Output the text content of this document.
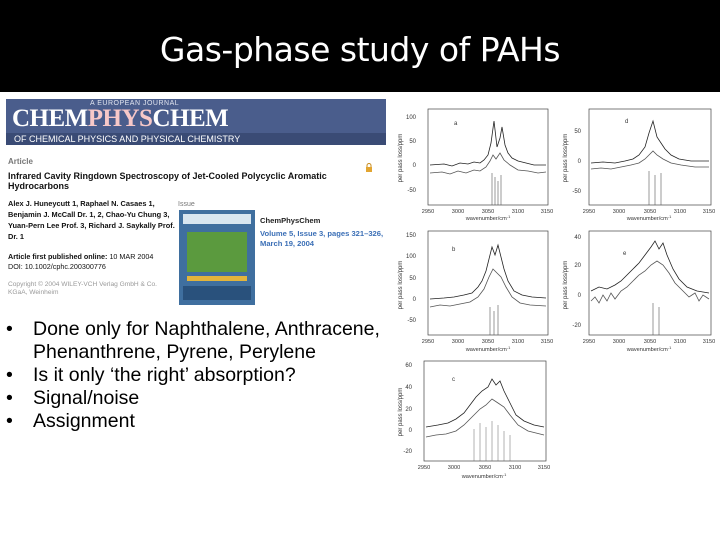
Gas-phase study of PAHs
A EUROPEAN JOURNAL
CHEMPHYSCHEM
OF CHEMICAL PHYSICS AND PHYSICAL CHEMISTRY
Article
Infrared Cavity Ringdown Spectroscopy of Jet-Cooled Polycyclic Aromatic Hydrocarbons
Alex J. Huneycutt 1, Raphael N. Casaes 1, Benjamin J. McCall Dr. 1, 2, Chao-Yu Chung 3, Yuan-Pern Lee Prof. 3, Richard J. Saykally Prof. Dr. 1
Issue
Article first published online: 10 MAR 2004
DOI: 10.1002/cphc.200300776
Copyright © 2004 WILEY-VCH Verlag GmbH & Co. KGaA, Weinheim
ChemPhysChem
Volume 5, Issue 3, pages 321–326, March 19, 2004
• Done only for Naphthalene, Anthracene, Phenanthrene, Pyrene, Perylene
• Is it only ‘the right’ absorption?
• Signal/noise
• Assignment
per pass loss/ppm
100
50
0
-50
a
2950	3000	3050	3100	3150
wavenumber/$cm^{-1}$
per pass loss/ppm
150
100
50
0
-50
b
2950	3000	3050	3100	3150
wavenumber/$cm^{-1}$
per pass loss/ppm
60
40
20
0
-20
c
2950	3000	3050	3100	3150
wavenumber/$cm^{-1}$
per pass loss/ppm
50
0
-50
d
2950	3000	3050	3100	3150
wavenumber/$cm^{-1}$
per pass loss/ppm
40
20
0
-20
e
2950	3000	3050	3100	3150
wavenumber/$cm^{-1}$
